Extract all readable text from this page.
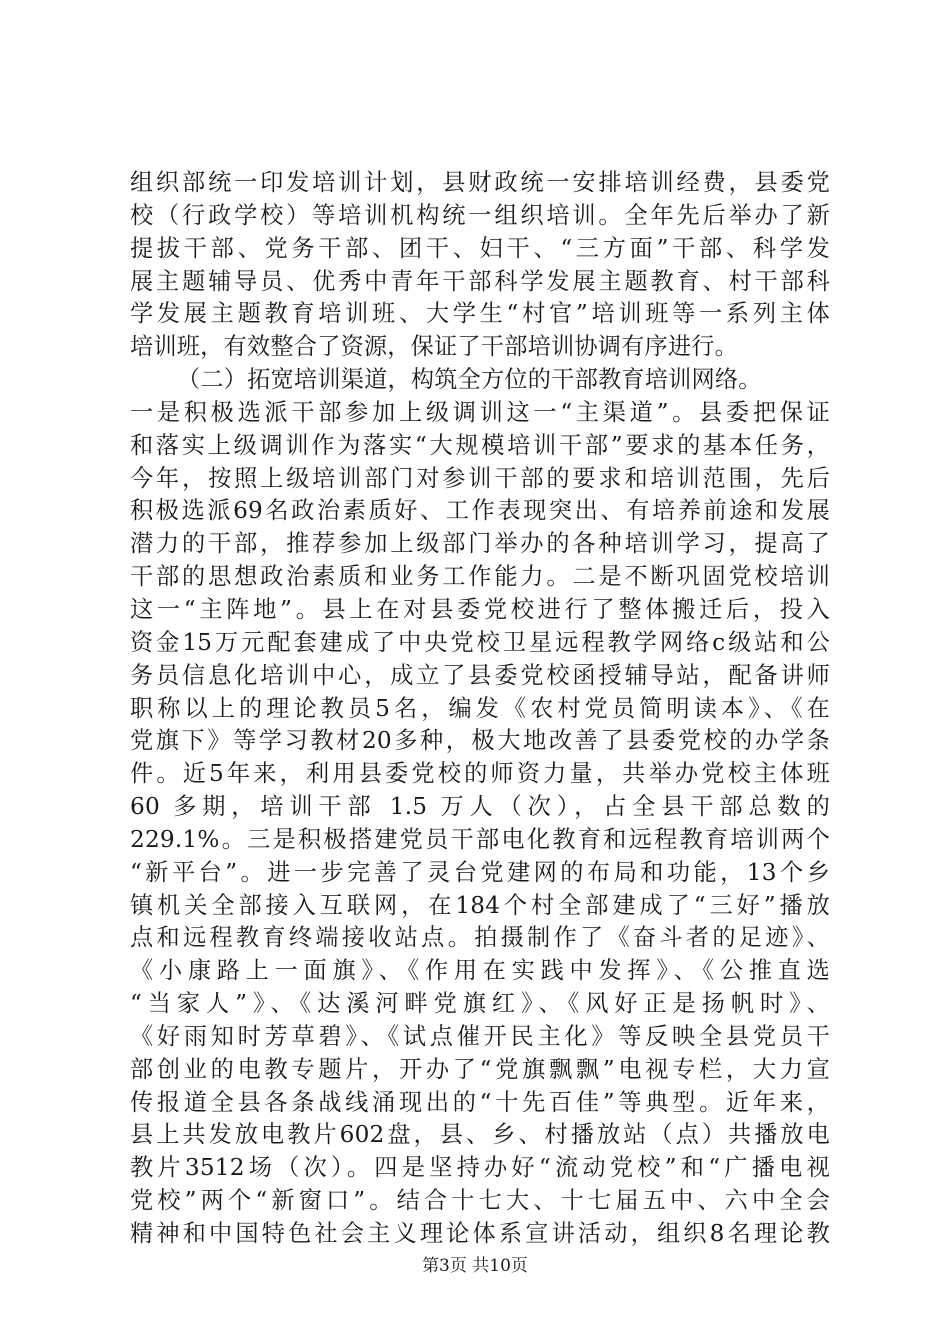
组织部统一印发培训计划，县财政统一安排培训经费，县委党
校（行政学校）等培训机构统一组织培训。全年先后举办了新
提拔干部、党务干部、团干、妇干、“三方面”干部、科学发
展主题辅导员、优秀中青年干部科学发展主题教育、村干部科
学发展主题教育培训班、大学生“村官”培训班等一系列主体
培训班，有效整合了资源，保证了干部培训协调有序进行。
（二）拓宽培训渠道，构筑全方位的干部教育培训网络。
一是积极选派干部参加上级调训这一“主渠道”。县委把保证
和落实上级调训作为落实“大规模培训干部”要求的基本任务，
今年，按照上级培训部门对参训干部的要求和培训范围，先后
积极选派69名政治素质好、工作表现突出、有培养前途和发展
潜力的干部，推荐参加上级部门举办的各种培训学习，提高了
干部的思想政治素质和业务工作能力。二是不断巩固党校培训
这一“主阵地”。县上在对县委党校进行了整体搬迁后，投入
资金15万元配套建成了中央党校卫星远程教学网络c级站和公
务员信息化培训中心，成立了县委党校函授辅导站，配备讲师
职称以上的理论教员5名，编发《农村党员简明读本》、《在
党旗下》等学习教材20多种，极大地改善了县委党校的办学条
件。近5年来，利用县委党校的师资力量，共举办党校主体班
60 多期，培训干部 1.5 万人（次），占全县干部总数的
229.1%。三是积极搭建党员干部电化教育和远程教育培训两个
“新平台”。进一步完善了灵台党建网的布局和功能，13个乡
镇机关全部接入互联网，在184个村全部建成了“三好”播放
点和远程教育终端接收站点。拍摄制作了《奋斗者的足迹》、
《小康路上一面旗》、《作用在实践中发挥》、《公推直选
“当家人”》、《达溪河畔党旗红》、《风好正是扬帆时》、
《好雨知时芳草碧》、《试点催开民主化》等反映全县党员干
部创业的电教专题片，开办了“党旗飘飘”电视专栏，大力宣
传报道全县各条战线涌现出的“十先百佳”等典型。近年来，
县上共发放电教片602盘，县、乡、村播放站（点）共播放电
教片3512场（次）。四是坚持办好“流动党校”和“广播电视
党校”两个“新窗口”。结合十七大、十七届五中、六中全会
精神和中国特色社会主义理论体系宣讲活动，组织8名理论教
第3页 共10页
